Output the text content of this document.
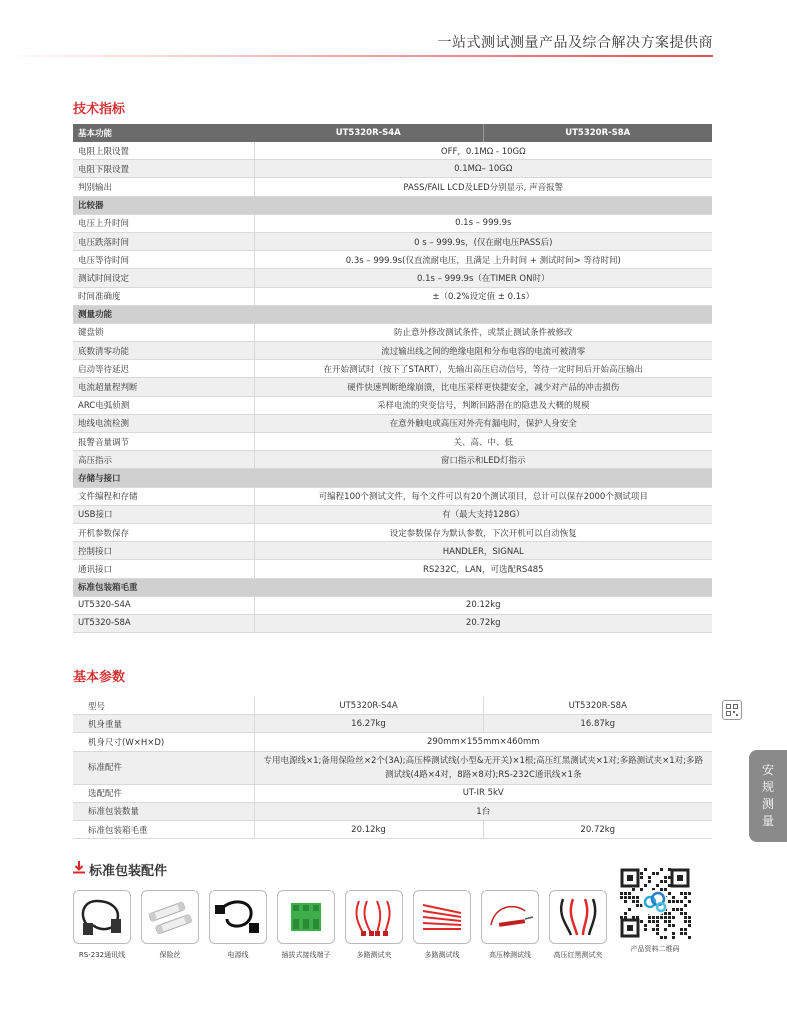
一站式测试测量产品及综合解决方案提供商
技术指标
基本功能	UT5320R-S4A	UT5320R-S8A
电阻上限设置	OFF，0.1MΩ - 10GΩ	
电阻下限设置	0.1MΩ– 10GΩ	
判别输出	PASS/FAIL LCD及LED分别显示, 声音报警	
比较器		
电压上升时间	0.1s – 999.9s	
电压跌落时间	0 s – 999.9s，(仅在耐电压PASS后)	
电压等待时间	0.3s – 999.9s(仅直流耐电压，且满足 上升时间 + 测试时间> 等待时间)	
测试时间设定	0.1s – 999.9s（在TIMER ON时）	
时间准确度	±（0.2%设定值 ± 0.1s）	
测量功能		
键盘锁	防止意外修改测试条件，或禁止测试条件被修改	
底数清零功能	流过输出线之间的绝缘电阻和分布电容的电流可被清零	
启动等待延迟	在开始测试时（按下了START），先输出高压启动信号，等待一定时间后开始高压输出	
电流超量程判断	硬件快速判断绝缘崩溃，比电压采样更快捷安全，减少对产品的冲击损伤	
ARC电弧侦测	采样电流的突变信号，判断回路潜在的隐患及大概的规模	
地线电流检测	在意外触电或高压对外壳有漏电时，保护人身安全	
报警音量调节	关、高、中、低	
高压指示	窗口指示和LED灯指示	
存储与接口		
文件编程和存储	可编程100个测试文件，每个文件可以有20个测试项目，总计可以保存2000个测试项目	
USB接口	有（最大支持128G）	
开机参数保存	设定参数保存为默认参数，下次开机可以自动恢复	
控制接口	HANDLER，SIGNAL	
通讯接口	RS232C，LAN，可选配RS485	
标准包装箱毛重		
UT5320-S4A	20.12kg	
UT5320-S8A	20.72kg	
基本参数
型号	UT5320R-S4A	UT5320R-S8A
机身重量	16.27kg	16.87kg
机身尺寸(W×H×D)	290mm×155mm×460mm	
标准配件	专用电源线×1;备用保险丝×2个(3A);高压棒测试线(小型&无开关)×1根;高压红黑测试夹×1对;多路测试夹×1对;多路测试线(4路×4对，8路×8对);RS-232C通讯线×1条	
选配配件	UT-IR 5kV	
标准包装数量	1台	
标准包装箱毛重	20.12kg	20.72kg
安
规
测
量
标准包装配件
RS-232通讯线	保险丝	电源线	插拔式接线端子	多路测试夹	多路测试线	高压棒测试线	高压红黑测试夹
产品资料二维码
